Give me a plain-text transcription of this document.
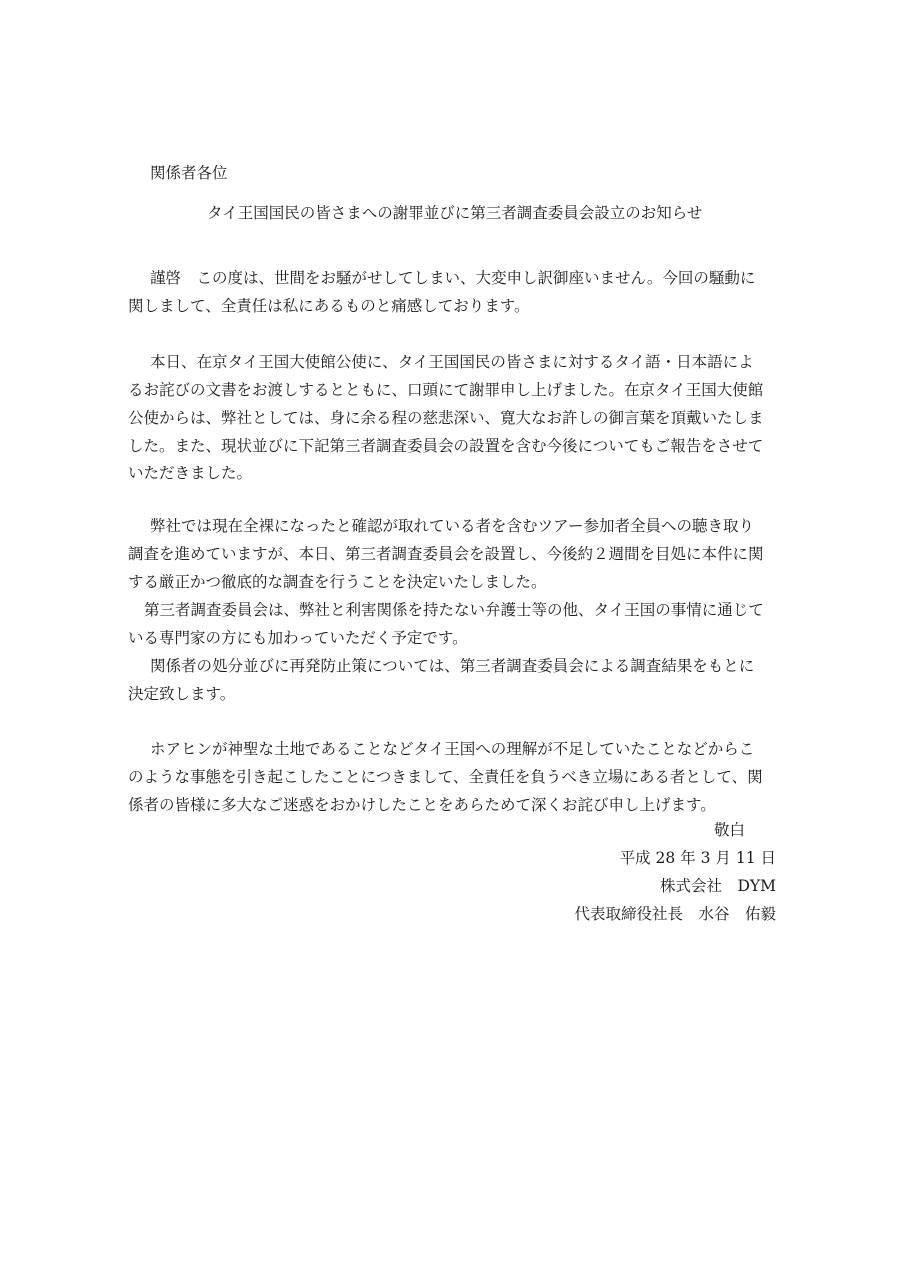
関係者各位
タイ王国国民の皆さまへの謝罪並びに第三者調査委員会設立のお知らせ
謹啓　この度は、世間をお騒がせしてしまい、大変申し訳御座いません。今回の騒動に
関しまして、全責任は私にあるものと痛感しております。
本日、在京タイ王国大使館公使に、タイ王国国民の皆さまに対するタイ語・日本語によ
るお詫びの文書をお渡しするとともに、口頭にて謝罪申し上げました。在京タイ王国大使館
公使からは、弊社としては、身に余る程の慈悲深い、寛大なお許しの御言葉を頂戴いたしま
した。また、現状並びに下記第三者調査委員会の設置を含む今後についてもご報告をさせて
いただきました。
弊社では現在全裸になったと確認が取れている者を含むツアー参加者全員への聴き取り
調査を進めていますが、本日、第三者調査委員会を設置し、今後約２週間を目処に本件に関
する厳正かつ徹底的な調査を行うことを決定いたしました。
第三者調査委員会は、弊社と利害関係を持たない弁護士等の他、タイ王国の事情に通じて
いる専門家の方にも加わっていただく予定です。
関係者の処分並びに再発防止策については、第三者調査委員会による調査結果をもとに
決定致します。
ホアヒンが神聖な土地であることなどタイ王国への理解が不足していたことなどからこ
のような事態を引き起こしたことにつきまして、全責任を負うべき立場にある者として、関
係者の皆様に多大なご迷惑をおかけしたことをあらためて深くお詫び申し上げます。
敬白
平成 28 年 3 月 11 日
株式会社　DYM
代表取締役社長　水谷　佑毅
